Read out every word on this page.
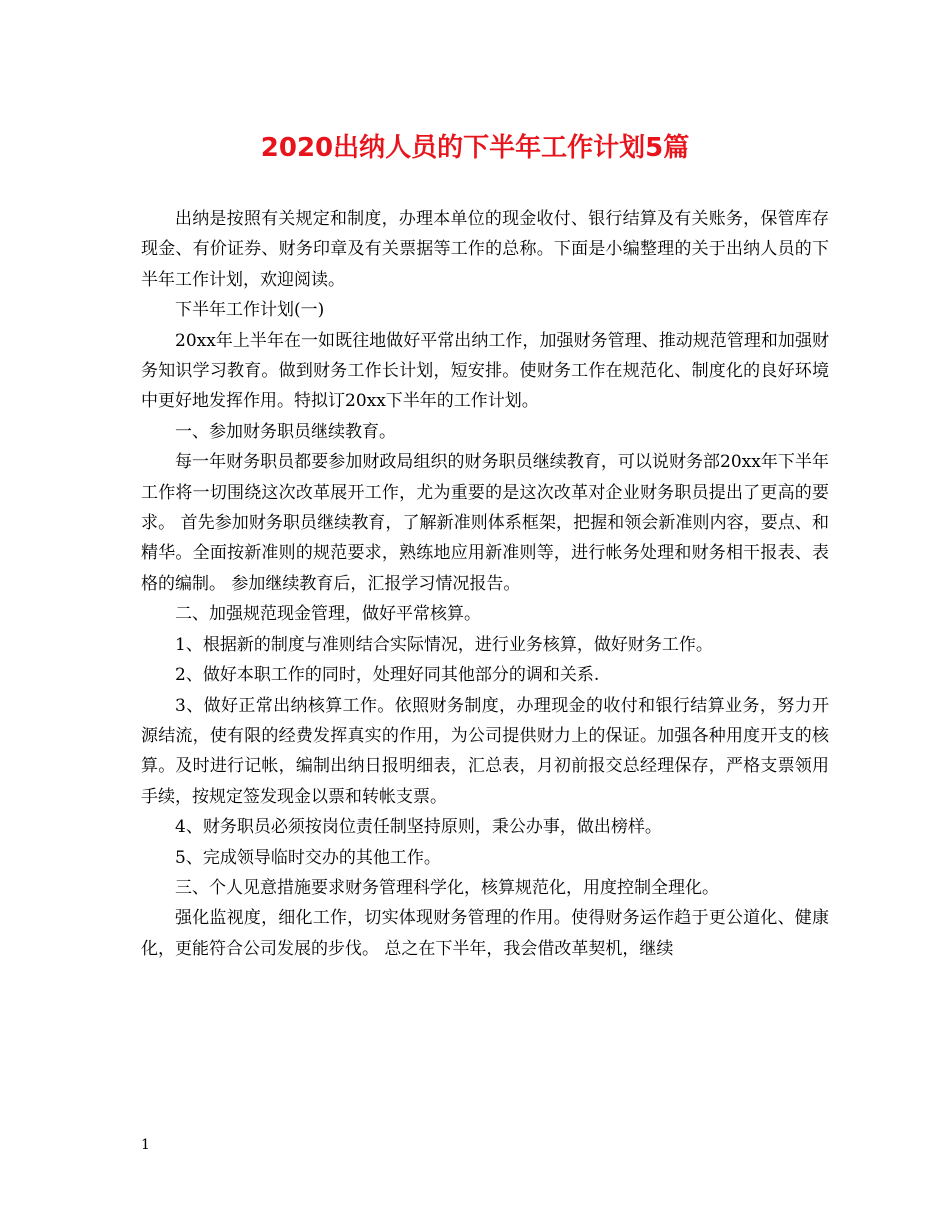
2020出纳人员的下半年工作计划5篇

出纳是按照有关规定和制度，办理本单位的现金收付、银行结算及有关账务，保管库存现金、有价证券、财务印章及有关票据等工作的总称。下面是小编整理的关于出纳人员的下半年工作计划，欢迎阅读。

下半年工作计划(一)

20xx年上半年在一如既往地做好平常出纳工作，加强财务管理、推动规范管理和加强财务知识学习教育。做到财务工作长计划，短安排。使财务工作在规范化、制度化的良好环境中更好地发挥作用。特拟订20xx下半年的工作计划。

一、参加财务职员继续教育。

每一年财务职员都要参加财政局组织的财务职员继续教育，可以说财务部20xx年下半年工作将一切围绕这次改革展开工作，尤为重要的是这次改革对企业财务职员提出了更高的要求。 首先参加财务职员继续教育，了解新准则体系框架，把握和领会新准则内容，要点、和精华。全面按新准则的规范要求，熟练地应用新准则等，进行帐务处理和财务相干报表、表格的编制。 参加继续教育后，汇报学习情况报告。

二、加强规范现金管理，做好平常核算。

1、根据新的制度与准则结合实际情况，进行业务核算，做好财务工作。

2、做好本职工作的同时，处理好同其他部分的调和关系.

3、做好正常出纳核算工作。依照财务制度，办理现金的收付和银行结算业务，努力开源结流，使有限的经费发挥真实的作用，为公司提供财力上的保证。加强各种用度开支的核算。及时进行记帐，编制出纳日报明细表，汇总表，月初前报交总经理保存，严格支票领用手续，按规定签发现金以票和转帐支票。

4、财务职员必须按岗位责任制坚持原则，秉公办事，做出榜样。

5、完成领导临时交办的其他工作。

三、个人见意措施要求财务管理科学化，核算规范化，用度控制全理化。

强化监视度，细化工作，切实体现财务管理的作用。使得财务运作趋于更公道化、健康化，更能符合公司发展的步伐。 总之在下半年，我会借改革契机，继续

1
